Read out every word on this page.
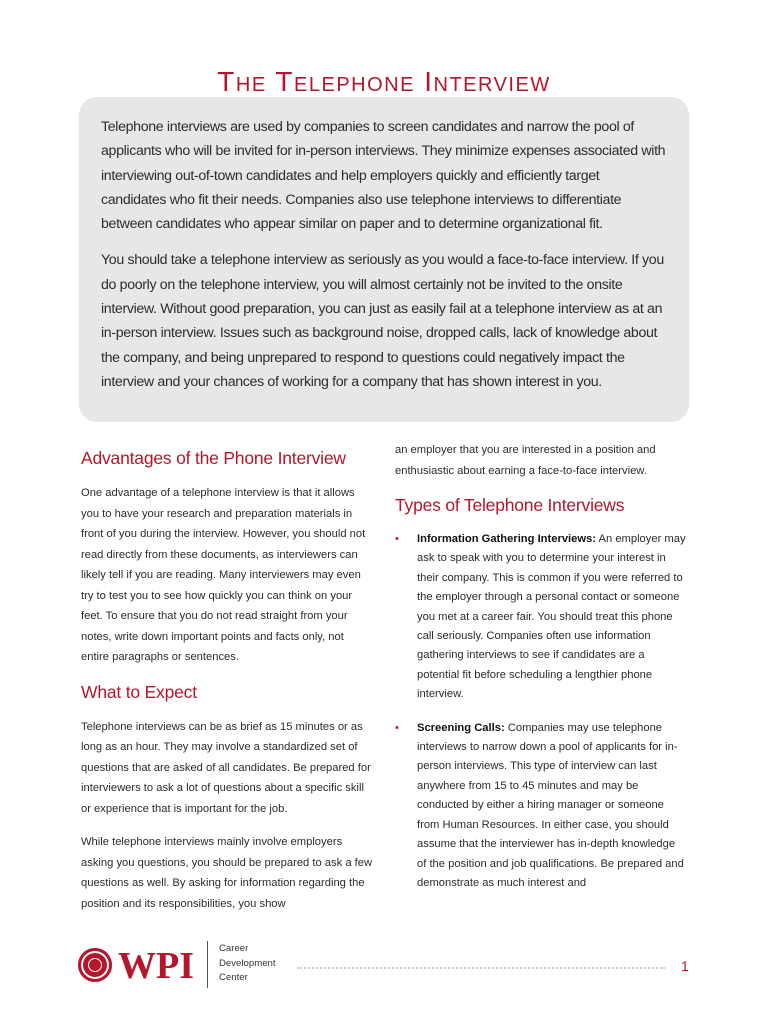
The Telephone Interview

Telephone interviews are used by companies to screen candidates and narrow the pool of applicants who will be invited for in-person interviews. They minimize expenses associated with interviewing out-of-town candidates and help employers quickly and efficiently target candidates who fit their needs. Companies also use telephone interviews to differentiate between candidates who appear similar on paper and to determine organizational fit.

You should take a telephone interview as seriously as you would a face-to-face interview. If you do poorly on the telephone interview, you will almost certainly not be invited to the onsite interview. Without good preparation, you can just as easily fail at a telephone interview as at an in-person interview. Issues such as background noise, dropped calls, lack of knowledge about the company, and being unprepared to respond to questions could negatively impact the interview and your chances of working for a company that has shown interest in you.

Advantages of the Phone Interview

One advantage of a telephone interview is that it allows you to have your research and preparation materials in front of you during the interview. However, you should not read directly from these documents, as interviewers can likely tell if you are reading. Many interviewers may even try to test you to see how quickly you can think on your feet. To ensure that you do not read straight from your notes, write down important points and facts only, not entire paragraphs or sentences.

What to Expect

Telephone interviews can be as brief as 15 minutes or as long as an hour. They may involve a standardized set of questions that are asked of all candidates. Be prepared for interviewers to ask a lot of questions about a specific skill or experience that is important for the job.

While telephone interviews mainly involve employers asking you questions, you should be prepared to ask a few questions as well. By asking for information regarding the position and its responsibilities, you show

an employer that you are interested in a position and enthusiastic about earning a face-to-face interview.

Types of Telephone Interviews
• Information Gathering Interviews: An employer may ask to speak with you to determine your interest in their company. This is common if you were referred to the employer through a personal contact or someone you met at a career fair. You should treat this phone call seriously. Companies often use information gathering interviews to see if candidates are a potential fit before scheduling a lengthier phone interview.
• Screening Calls: Companies may use telephone interviews to narrow down a pool of applicants for in-person interviews. This type of interview can last anywhere from 15 to 45 minutes and may be conducted by either a hiring manager or someone from Human Resources. In either case, you should assume that the interviewer has in-depth knowledge of the position and job qualifications. Be prepared and demonstrate as much interest and
WPI	Career
Development
Center
1
